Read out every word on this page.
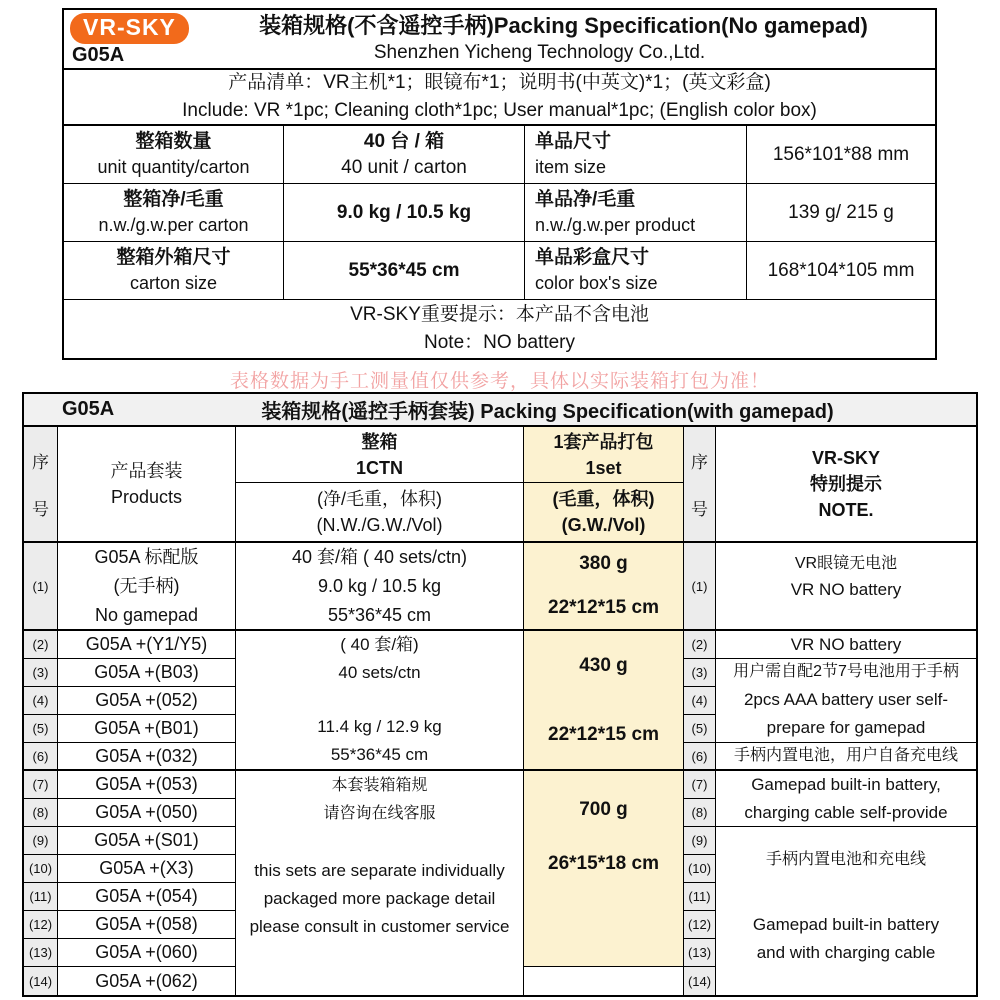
VR-SKY
G05A
装箱规格(不含遥控手柄)Packing Specification(No gamepad)
Shenzhen Yicheng Technology Co.,Ltd.
产品清单：VR主机*1；眼镜布*1；说明书(中英文)*1；(英文彩盒)
Include: VR *1pc; Cleaning cloth*1pc; User manual*1pc; (English color box)
整箱数量
unit quantity/carton
40 台 / 箱
40 unit / carton
单品尺寸
item size
156*101*88 mm
整箱净/毛重
n.w./g.w.per carton
9.0 kg / 10.5 kg
单品净/毛重
n.w./g.w.per product
139 g/ 215 g
整箱外箱尺寸
carton size
55*36*45 cm
单品彩盒尺寸
color box's size
168*104*105 mm
VR-SKY重要提示：本产品不含电池
Note：NO battery
表格数据为手工测量值仅供参考，具体以实际装箱打包为准！
G05A	装箱规格(遥控手柄套装) Packing Specification(with gamepad)
序
号
产品套装
Products
整箱
1CTN
(净/毛重，体积)
(N.W./G.W./Vol)
1套产品打包
1set
(毛重，体积)
(G.W./Vol)
序
号
VR-SKY
特别提示
NOTE.
(1)
G05A 标配版
(无手柄)
No gamepad
40 套/箱 ( 40 sets/ctn)
9.0 kg / 10.5 kg
55*36*45 cm
380 g
22*12*15 cm
(1)
VR眼镜无电池
VR NO battery
(2)
(3)
(4)
(5)
(6)
G05A +(Y1/Y5)
G05A +(B03)
G05A +(052)
G05A +(B01)
G05A +(032)
( 40 套/箱)
40 sets/ctn
11.4 kg / 12.9 kg
55*36*45 cm
430 g
22*12*15 cm
(2)
(3)
(4)
(5)
(6)
VR NO battery
用户需自配2节7号电池用于手柄
2pcs AAA battery user self-
prepare for gamepad
手柄内置电池，用户自备充电线
(7)
(8)
(9)
(10)
(11)
(12)
(13)
(14)
G05A +(053)
G05A +(050)
G05A +(S01)
G05A +(X3)
G05A +(054)
G05A +(058)
G05A +(060)
G05A +(062)
本套装箱箱规
请咨询在线客服
this sets are separate individually
packaged more package detail
please consult in customer service
700 g
26*15*18 cm
(7)
(8)
(9)
(10)
(11)
(12)
(13)
(14)
Gamepad built-in battery,
charging cable self-provide
手柄内置电池和充电线
Gamepad built-in battery
and with charging cable
